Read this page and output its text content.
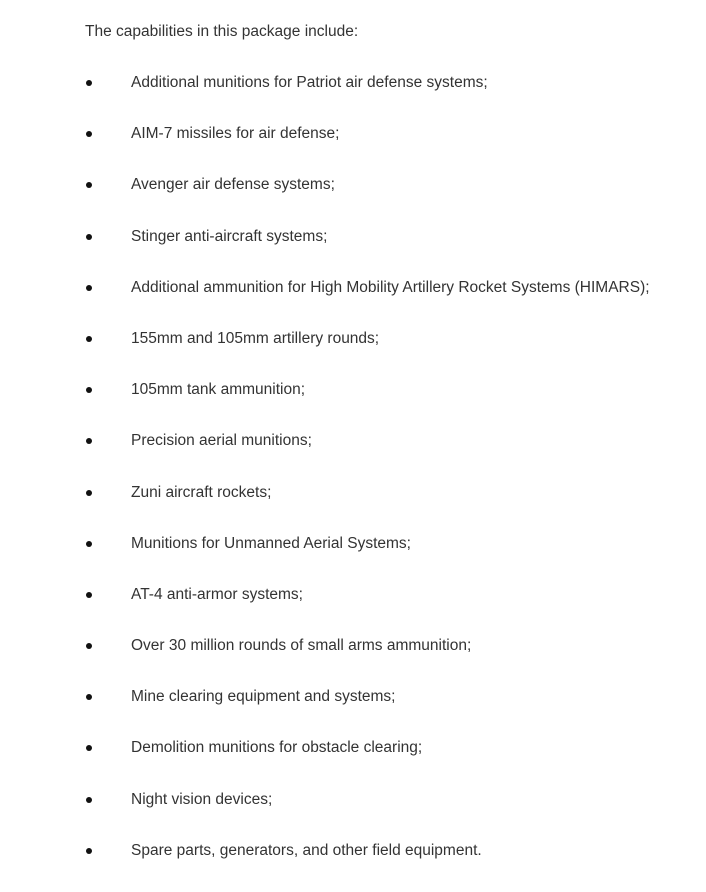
The capabilities in this package include:

Additional munitions for Patriot air defense systems;
AIM-7 missiles for air defense;
Avenger air defense systems;
Stinger anti-aircraft systems;
Additional ammunition for High Mobility Artillery Rocket Systems (HIMARS);
155mm and 105mm artillery rounds;
105mm tank ammunition;
Precision aerial munitions;
Zuni aircraft rockets;
Munitions for Unmanned Aerial Systems;
AT-4 anti-armor systems;
Over 30 million rounds of small arms ammunition;
Mine clearing equipment and systems;
Demolition munitions for obstacle clearing;
Night vision devices;
Spare parts, generators, and other field equipment.
